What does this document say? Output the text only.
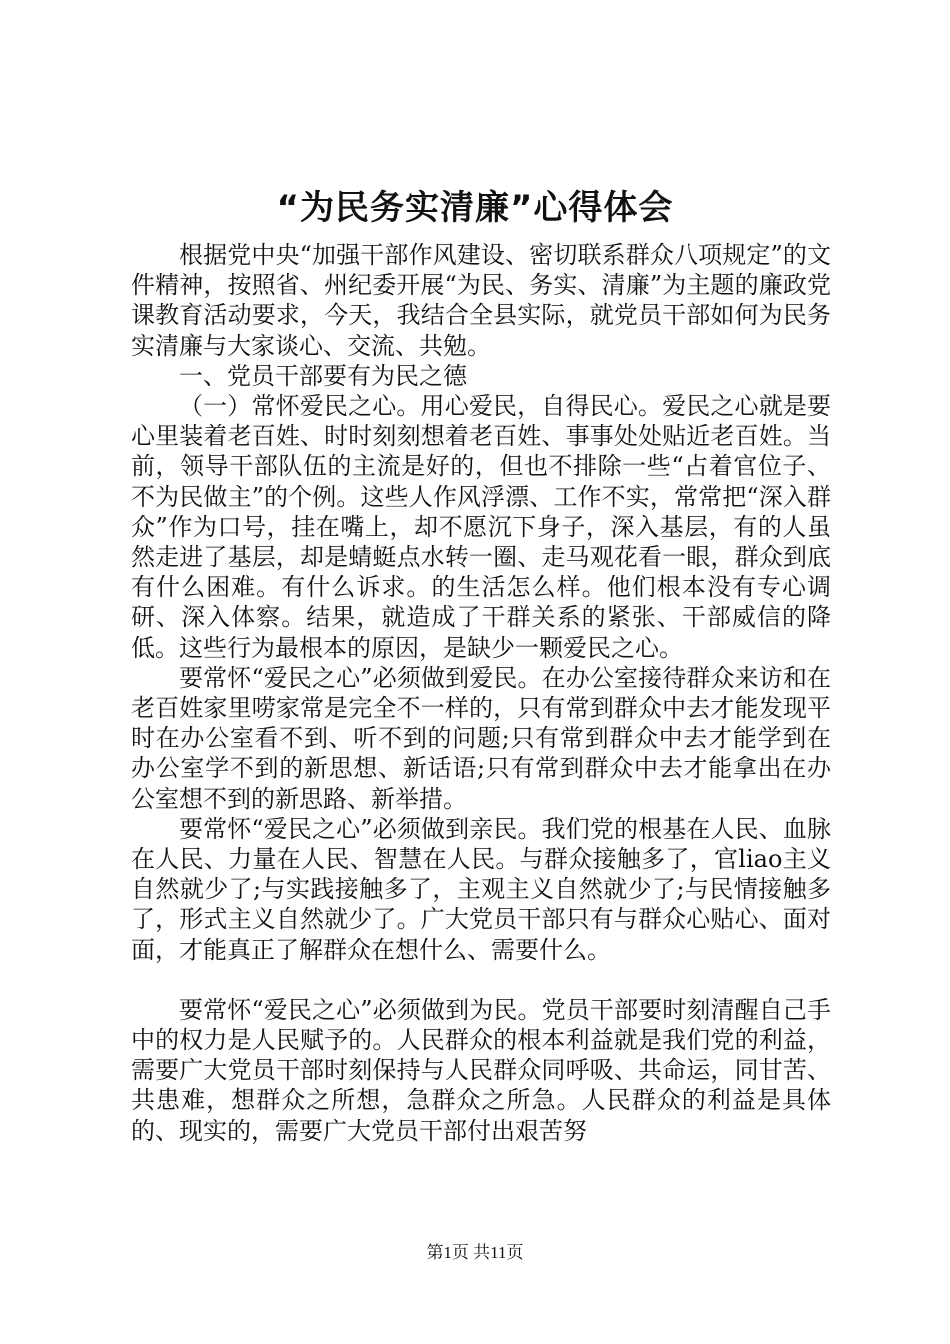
“为民务实清廉”心得体会

根据党中央“加强干部作风建设、密切联系群众八项规定”的文件精神，按照省、州纪委开展“为民、务实、清廉”为主题的廉政党课教育活动要求，今天，我结合全县实际，就党员干部如何为民务实清廉与大家谈心、交流、共勉。

一、党员干部要有为民之德

（一）常怀爱民之心。用心爱民，自得民心。爱民之心就是要心里装着老百姓、时时刻刻想着老百姓、事事处处贴近老百姓。当前，领导干部队伍的主流是好的，但也不排除一些“占着官位子、不为民做主”的个例。这些人作风浮漂、工作不实，常常把“深入群众”作为口号，挂在嘴上，却不愿沉下身子，深入基层，有的人虽然走进了基层，却是蜻蜓点水转一圈、走马观花看一眼，群众到底有什么困难。有什么诉求。的生活怎么样。他们根本没有专心调研、深入体察。结果，就造成了干群关系的紧张、干部威信的降低。这些行为最根本的原因，是缺少一颗爱民之心。

要常怀“爱民之心”必须做到爱民。在办公室接待群众来访和在老百姓家里唠家常是完全不一样的，只有常到群众中去才能发现平时在办公室看不到、听不到的问题;只有常到群众中去才能学到在办公室学不到的新思想、新话语;只有常到群众中去才能拿出在办公室想不到的新思路、新举措。

要常怀“爱民之心”必须做到亲民。我们党的根基在人民、血脉在人民、力量在人民、智慧在人民。与群众接触多了，官liao主义自然就少了;与实践接触多了，主观主义自然就少了;与民情接触多了，形式主义自然就少了。广大党员干部只有与群众心贴心、面对面，才能真正了解群众在想什么、需要什么。

要常怀“爱民之心”必须做到为民。党员干部要时刻清醒自己手中的权力是人民赋予的。人民群众的根本利益就是我们党的利益，需要广大党员干部时刻保持与人民群众同呼吸、共命运，同甘苦、共患难，想群众之所想，急群众之所急。人民群众的利益是具体的、现实的，需要广大党员干部付出艰苦努

第1页 共11页
